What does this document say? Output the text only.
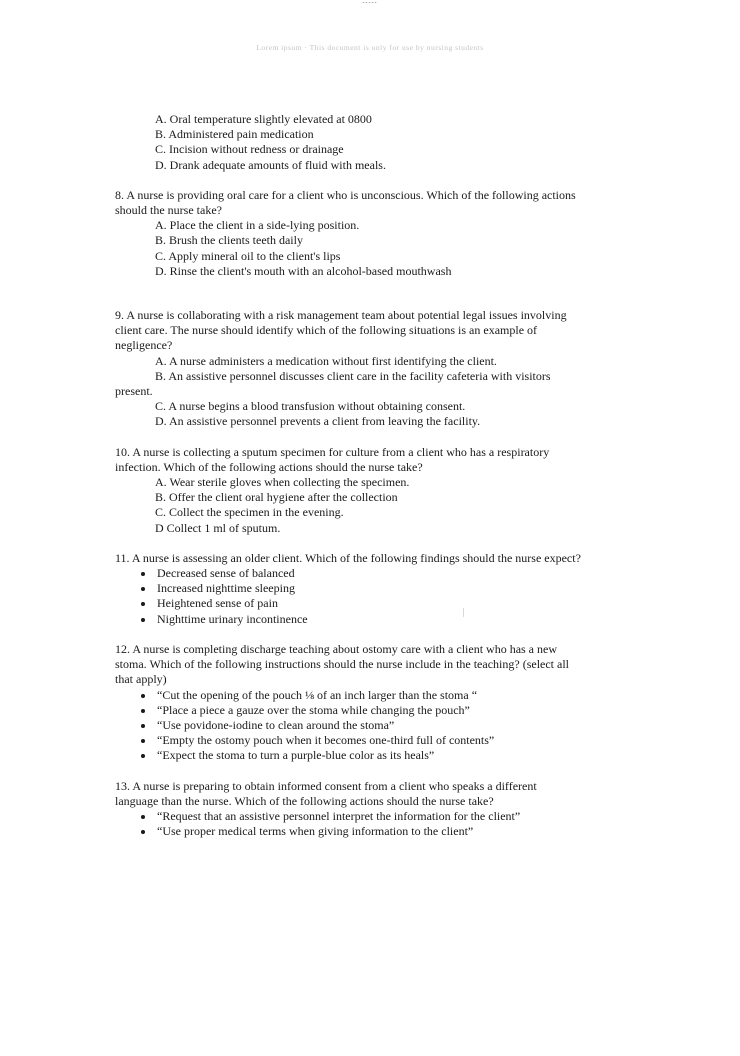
-----
Lorem ipsum · This document is only for use by nursing students
A. Oral temperature slightly elevated at 0800
B. Administered pain medication
C. Incision without redness or drainage
D. Drank adequate amounts of fluid with meals.
8. A nurse is providing oral care for a client who is unconscious. Which of the following actions
should the nurse take?
A. Place the client in a side-lying position.
B. Brush the clients teeth daily
C. Apply mineral oil to the client's lips
D. Rinse the client's mouth with an alcohol-based mouthwash
9. A nurse is collaborating with a risk management team about potential legal issues involving
client care. The nurse should identify which of the following situations is an example of
negligence?
A. A nurse administers a medication without first identifying the client.
B. An assistive personnel discusses client care in the facility cafeteria with visitors
present.
C. A nurse begins a blood transfusion without obtaining consent.
D. An assistive personnel prevents a client from leaving the facility.
10. A nurse is collecting a sputum specimen for culture from a client who has a respiratory
infection. Which of the following actions should the nurse take?
A. Wear sterile gloves when collecting the specimen.
B. Offer the client oral hygiene after the collection
C. Collect the specimen in the evening.
D Collect 1 ml of sputum.
11. A nurse is assessing an older client. Which of the following findings should the nurse expect?
• Decreased sense of balanced
• Increased nighttime sleeping
• Heightened sense of pain
• Nighttime urinary incontinence
12. A nurse is completing discharge teaching about ostomy care with a client who has a new
stoma. Which of the following instructions should the nurse include in the teaching? (select all
that apply)
• “Cut the opening of the pouch ⅛ of an inch larger than the stoma “
• “Place a piece a gauze over the stoma while changing the pouch”
• “Use povidone-iodine to clean around the stoma”
• “Empty the ostomy pouch when it becomes one-third full of contents”
• “Expect the stoma to turn a purple-blue color as its heals”
13. A nurse is preparing to obtain informed consent from a client who speaks a different
language than the nurse. Which of the following actions should the nurse take?
• “Request that an assistive personnel interpret the information for the client”
• “Use proper medical terms when giving information to the client”
